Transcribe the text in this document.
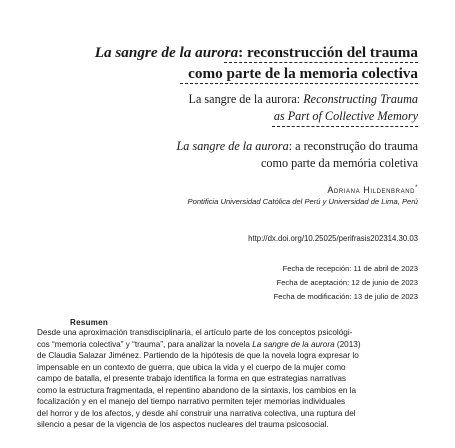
La sangre de la aurora: reconstrucción del trauma
como parte de la memoria colectiva
La sangre de la aurora: Reconstructing Trauma
as Part of Collective Memory
La sangre de la aurora: a reconstrução do trauma
como parte da memória coletiva
Adriana Hildenbrand*
Pontificia Universidad Católica del Perú y Universidad de Lima, Perú
http://dx.doi.org/10.25025/perifrasis202314.30.03
Fecha de recepción: 11 de abril de 2023
Fecha de aceptación: 12 de junio de 2023
Fecha de modificación: 13 de julio de 2023
Resumen
Desde una aproximación transdisciplinaria, el artículo parte de los conceptos psicológi-
cos “memoria colectiva” y “trauma”, para analizar la novela La sangre de la aurora (2013)
de Claudia Salazar Jiménez. Partiendo de la hipótesis de que la novela logra expresar lo
impensable en un contexto de guerra, que ubica la vida y el cuerpo de la mujer como
campo de batalla, el presente trabajo identifica la forma en que estrategias narrativas
como la estructura fragmentada, el repentino abandono de la sintaxis, los cambios en la
focalización y en el manejo del tiempo narrativo permiten tejer memorias individuales
del horror y de los afectos, y desde ahí construir una narrativa colectiva, una ruptura del
silencio a pesar de la vigencia de los aspectos nucleares del trauma psicosocial.
